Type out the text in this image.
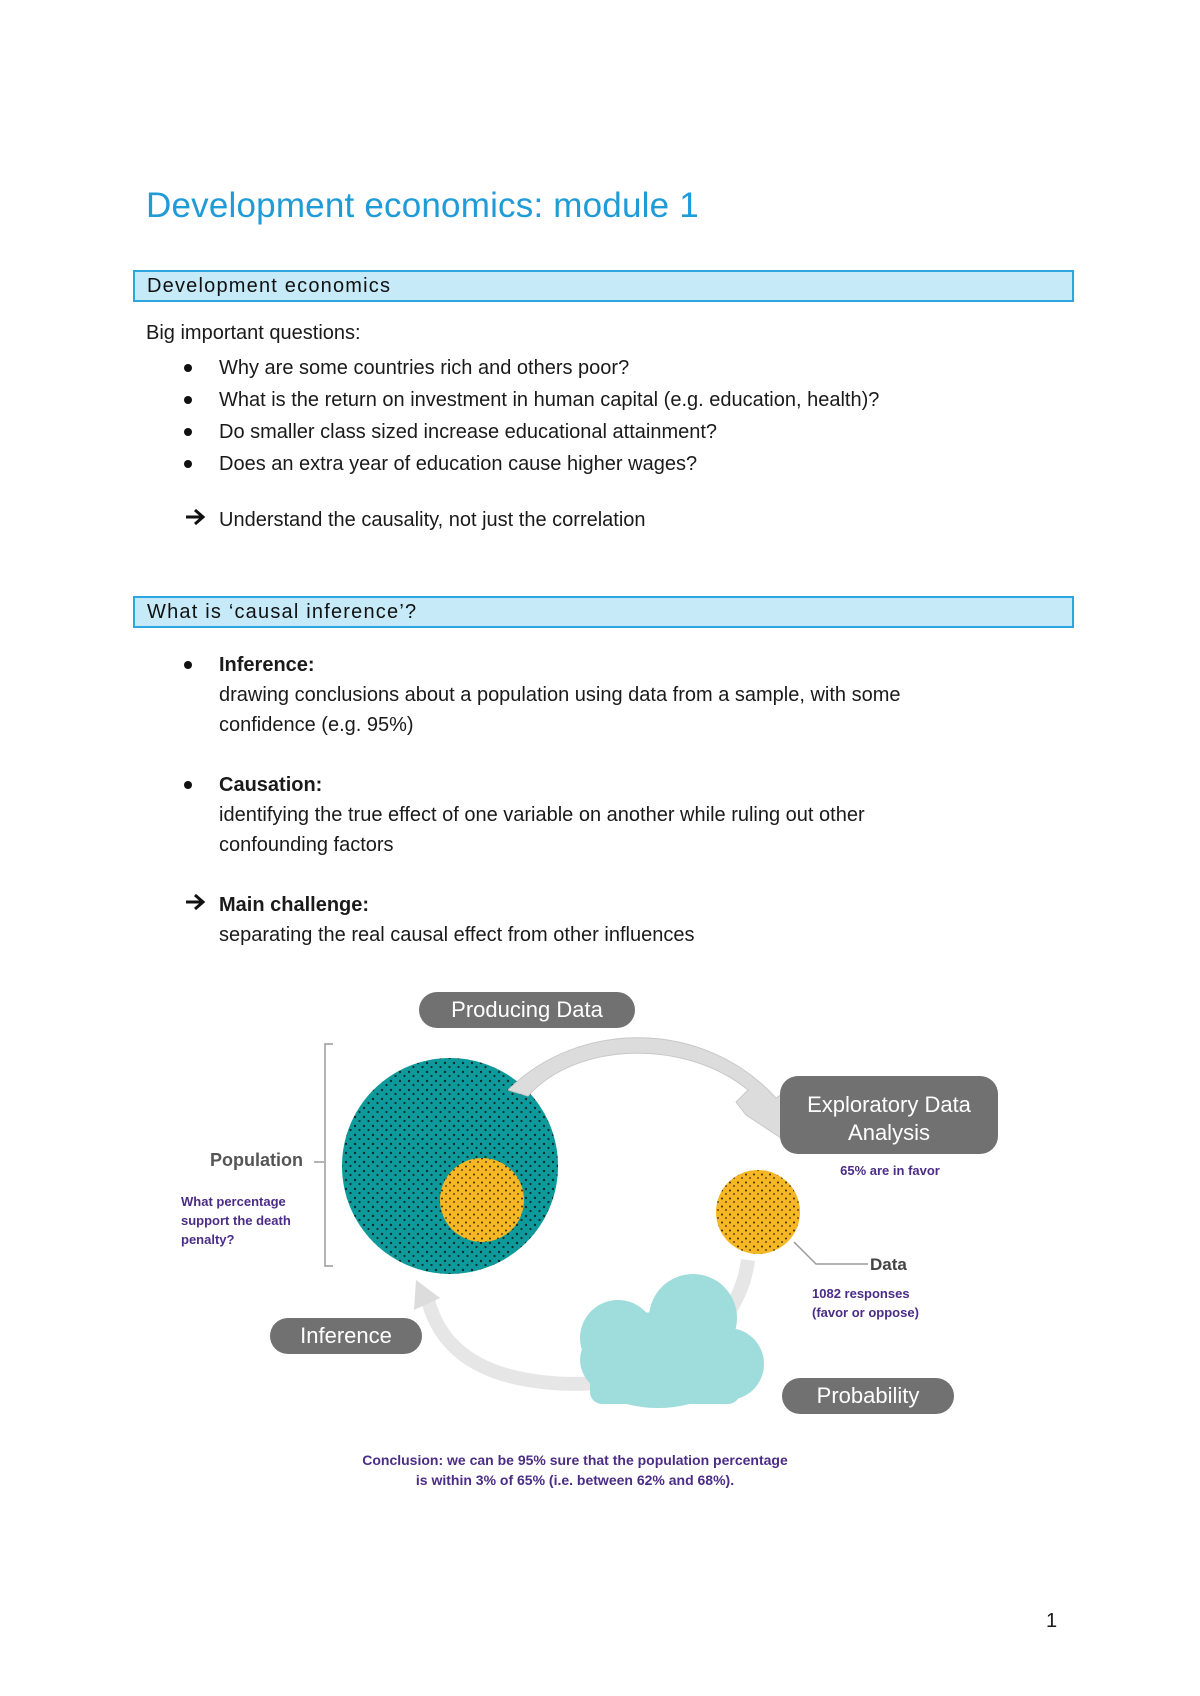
Development economics: module 1
Development economics

Big important questions:

Why are some countries rich and others poor?
What is the return on investment in human capital (e.g. education, health)?
Do smaller class sized increase educational attainment?
Does an extra year of education cause higher wages?
Understand the causality, not just the correlation
What is ‘causal inference’?
Inference:
drawing conclusions about a population using data from a sample, with some
confidence (e.g. 95%)
Causation:
identifying the true effect of one variable on another while ruling out other
confounding factors
Main challenge:
separating the real causal effect from other influences
Producing Data
Exploratory Data
Analysis
65% are in favor
Population
What percentage
support the death
penalty?
Data
1082 responses
(favor or oppose)
Inference
Probability
Conclusion: we can be 95% sure that the population percentage
is within 3% of 65% (i.e. between 62% and 68%).
1
